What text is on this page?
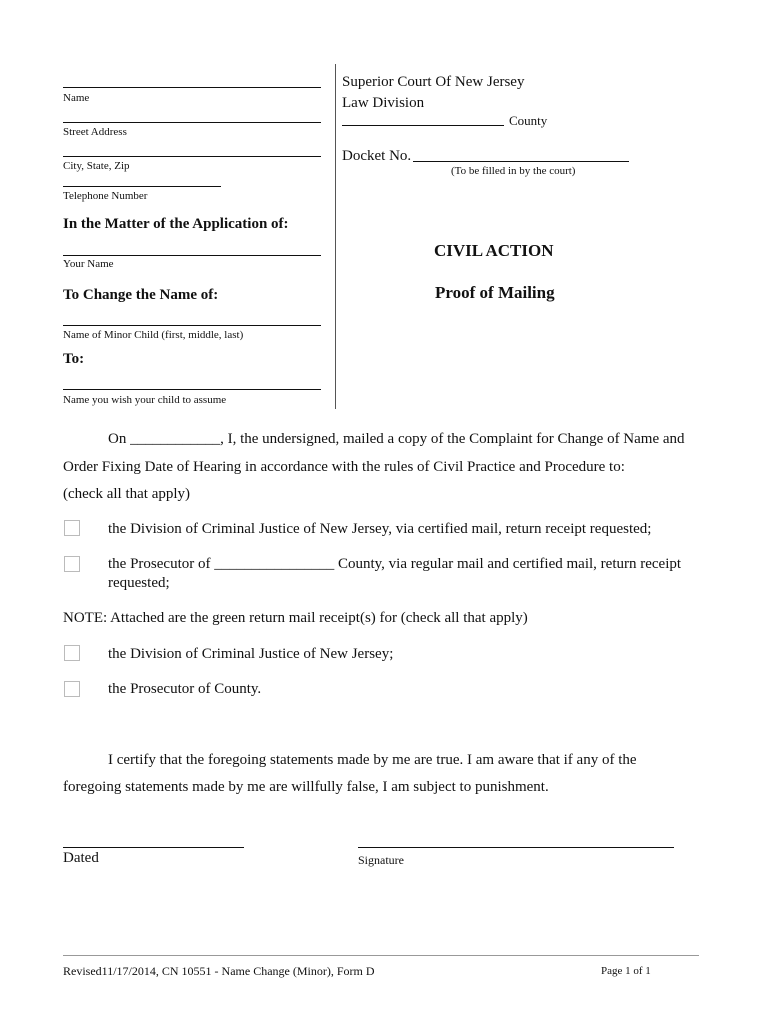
Name
Street Address
City, State, Zip
Telephone Number
In the Matter of the Application of:
Your Name
To Change the Name of:
Name of Minor Child (first, middle, last)
To:
Name you wish your child to assume
Superior Court Of New Jersey
Law Division
County
Docket No.
(To be filled in by the court)
CIVIL ACTION
Proof of Mailing
On ____________, I, the undersigned, mailed a copy of the Complaint for Change of Name and
Order Fixing Date of Hearing in accordance with the rules of Civil Practice and Procedure to:
(check all that apply)
the Division of Criminal Justice of New Jersey, via certified mail, return receipt requested;
the Prosecutor of ________________ County, via regular mail and certified mail, return receipt
requested;
NOTE: Attached are the green return mail receipt(s) for (check all that apply)
the Division of Criminal Justice of New Jersey;
the Prosecutor of County.
I certify that the foregoing statements made by me are true. I am aware that if any of the
foregoing statements made by me are willfully false, I am subject to punishment.
Dated	Signature
Revised11/17/2014, CN 10551 - Name Change (Minor), Form D	Page 1 of 1
